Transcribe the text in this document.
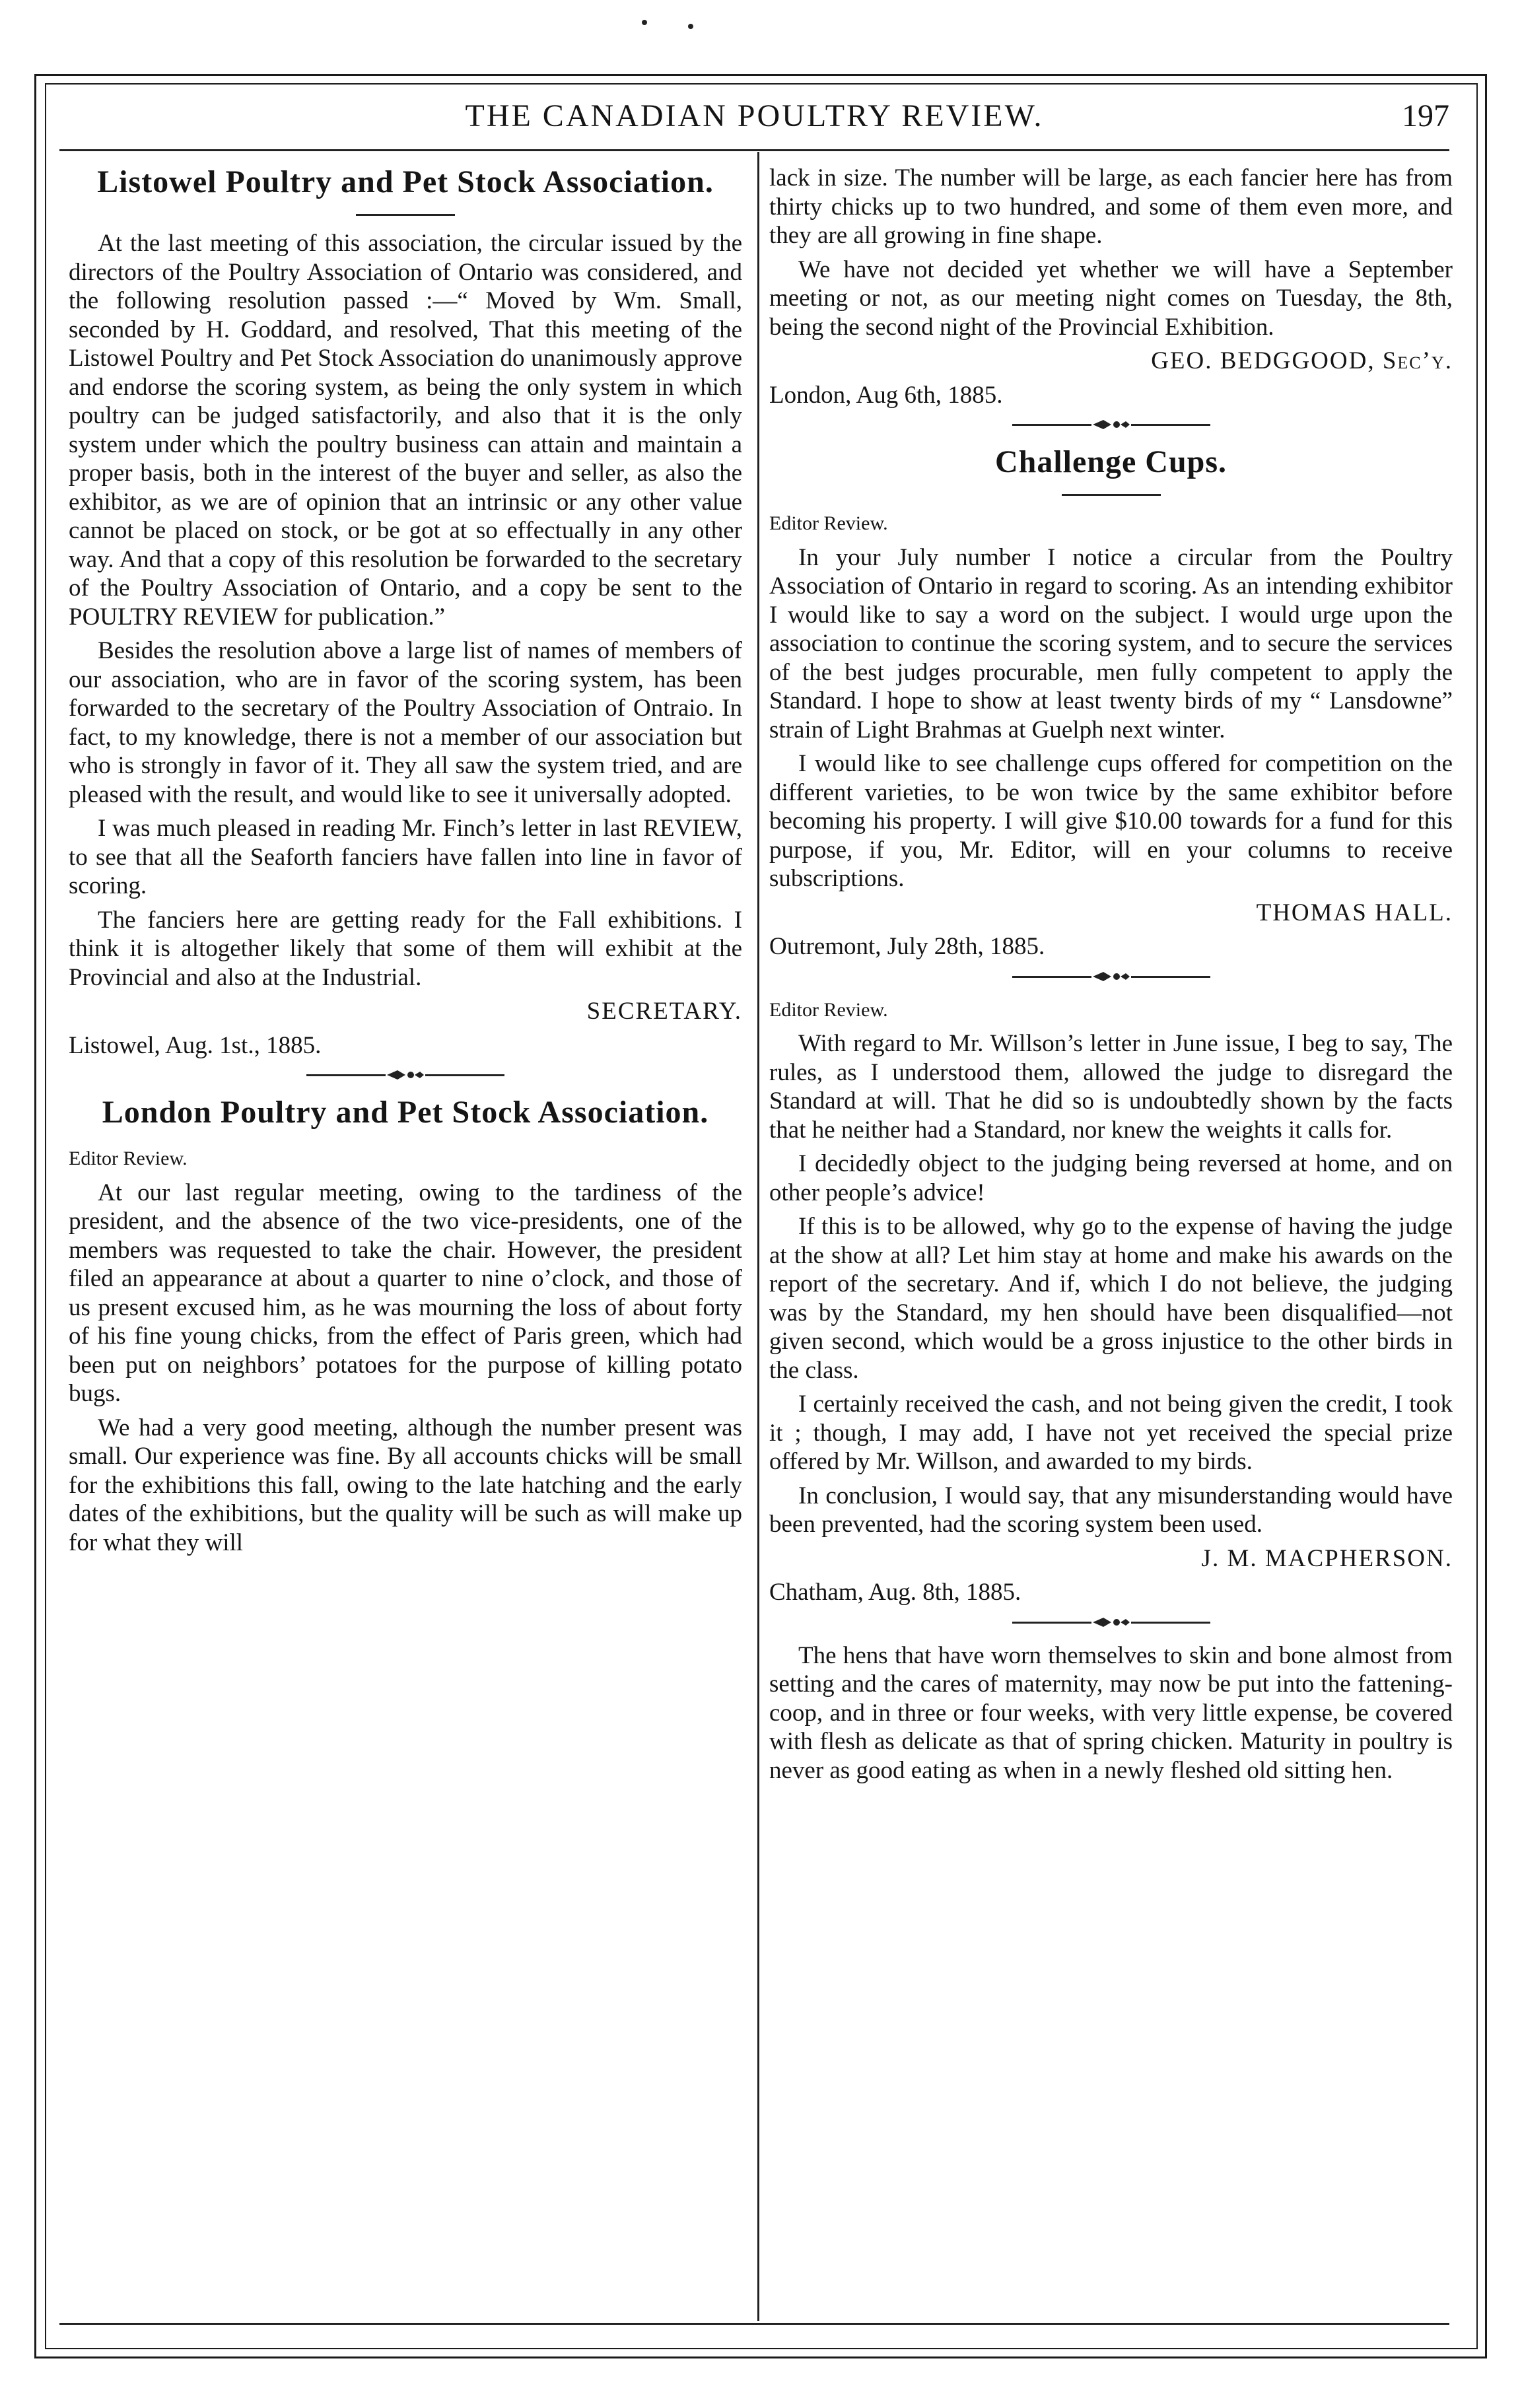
THE CANADIAN POULTRY REVIEW.	197
Listowel Poultry and Pet Stock Association.

At the last meeting of this association, the circular issued by the directors of the Poultry Association of Ontario was considered, and the following resolution passed :—“ Moved by Wm. Small, seconded by H. Goddard, and resolved, That this meeting of the Listowel Poultry and Pet Stock Association do unanimously approve and endorse the scoring system, as being the only system in which poultry can be judged satisfactorily, and also that it is the only system under which the poultry business can attain and maintain a proper basis, both in the interest of the buyer and seller, as also the exhibitor, as we are of opinion that an intrinsic or any other value cannot be placed on stock, or be got at so effectually in any other way. And that a copy of this resolution be forwarded to the secretary of the Poultry Association of Ontario, and a copy be sent to the POULTRY REVIEW for publication.”

Besides the resolution above a large list of names of members of our association, who are in favor of the scoring system, has been forwarded to the secretary of the Poultry Association of Ontraio. In fact, to my knowledge, there is not a member of our association but who is strongly in favor of it. They all saw the system tried, and are pleased with the result, and would like to see it universally adopted.

I was much pleased in reading Mr. Finch’s letter in last REVIEW, to see that all the Seaforth fanciers have fallen into line in favor of scoring.

The fanciers here are getting ready for the Fall exhibitions. I think it is altogether likely that some of them will exhibit at the Provincial and also at the Industrial.

SECRETARY.

Listowel, Aug. 1st., 1885.

London Poultry and Pet Stock Association.

Editor Review.

At our last regular meeting, owing to the tardiness of the president, and the absence of the two vice-presidents, one of the members was requested to take the chair. However, the president filed an appearance at about a quarter to nine o’clock, and those of us present excused him, as he was mourning the loss of about forty of his fine young chicks, from the effect of Paris green, which had been put on neighbors’ potatoes for the purpose of killing potato bugs.

We had a very good meeting, although the number present was small. Our experience was fine. By all accounts chicks will be small for the exhibitions this fall, owing to the late hatching and the early dates of the exhibitions, but the quality will be such as will make up for what they will

lack in size. The number will be large, as each fancier here has from thirty chicks up to two hundred, and some of them even more, and they are all growing in fine shape.

We have not decided yet whether we will have a September meeting or not, as our meeting night comes on Tuesday, the 8th, being the second night of the Provincial Exhibition.

GEO. BEDGGOOD, Sec’y.

London, Aug 6th, 1885.

Challenge Cups.

Editor Review.

In your July number I notice a circular from the Poultry Association of Ontario in regard to scoring. As an intending exhibitor I would like to say a word on the subject. I would urge upon the association to continue the scoring system, and to secure the services of the best judges procurable, men fully competent to apply the Standard. I hope to show at least twenty birds of my “ Lansdowne” strain of Light Brahmas at Guelph next winter.

I would like to see challenge cups offered for competition on the different varieties, to be won twice by the same exhibitor before becoming his property. I will give $10.00 towards for a fund for this purpose, if you, Mr. Editor, will en your columns to receive subscriptions.

THOMAS HALL.

Outremont, July 28th, 1885.

Editor Review.

With regard to Mr. Willson’s letter in June issue, I beg to say, The rules, as I understood them, allowed the judge to disregard the Standard at will. That he did so is undoubtedly shown by the facts that he neither had a Standard, nor knew the weights it calls for.

I decidedly object to the judging being reversed at home, and on other people’s advice!

If this is to be allowed, why go to the expense of having the judge at the show at all? Let him stay at home and make his awards on the report of the secretary. And if, which I do not believe, the judging was by the Standard, my hen should have been disqualified—not given second, which would be a gross injustice to the other birds in the class.

I certainly received the cash, and not being given the credit, I took it ; though, I may add, I have not yet received the special prize offered by Mr. Willson, and awarded to my birds.

In conclusion, I would say, that any misunderstanding would have been prevented, had the scoring system been used.

J. M. MACPHERSON.

Chatham, Aug. 8th, 1885.

The hens that have worn themselves to skin and bone almost from setting and the cares of maternity, may now be put into the fattening-coop, and in three or four weeks, with very little expense, be covered with flesh as delicate as that of spring chicken. Maturity in poultry is never as good eating as when in a newly fleshed old sitting hen.
